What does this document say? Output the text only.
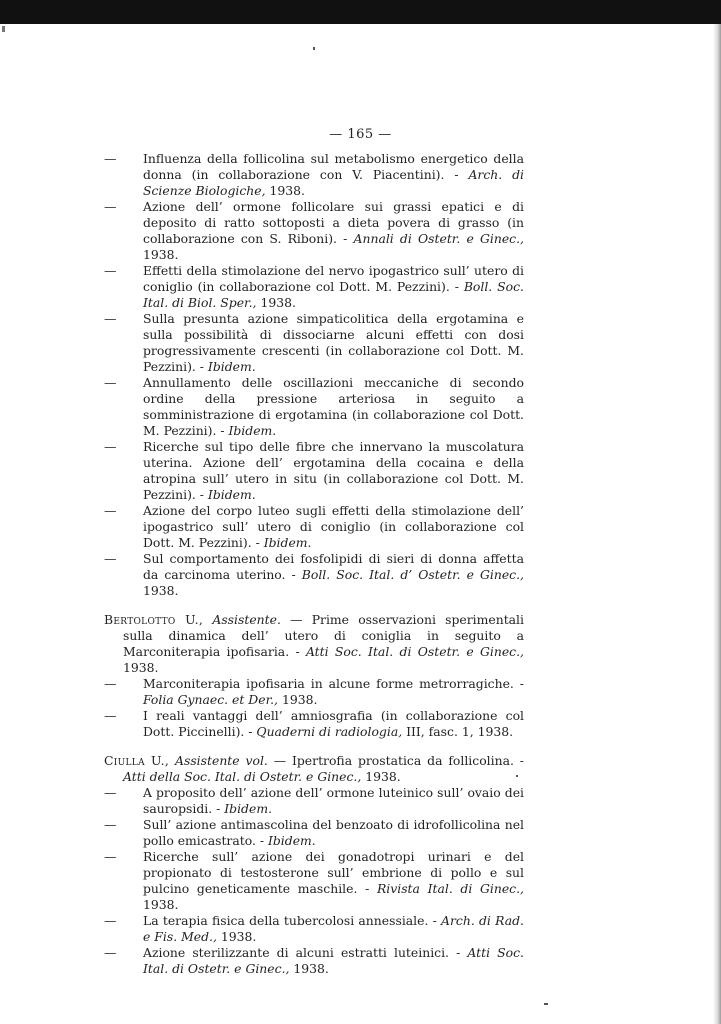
— 165 —
—	Influenza della follicolina sul metabolismo energetico della donna (in collaborazione con V. Piacentini). - Arch. di Scienze Biologiche, 1938.
—	Azione dell’ ormone follicolare sui grassi epatici e di deposito di ratto sottoposti a dieta povera di grasso (in collaborazione con S. Riboni). - Annali di Ostetr. e Ginec., 1938.
—	Effetti della stimolazione del nervo ipogastrico sull’ utero di coniglio (in collaborazione col Dott. M. Pezzini). - Boll. Soc. Ital. di Biol. Sper., 1938.
—	Sulla presunta azione simpaticolitica della ergotamina e sulla possibilità di dissociarne alcuni effetti con dosi progressivamente crescenti (in collaborazione col Dott. M. Pezzini). - Ibidem.
—	Annullamento delle oscillazioni meccaniche di secondo ordine della pressione arteriosa in seguito a somministrazione di ergotamina (in collaborazione col Dott. M. Pezzini). - Ibidem.
—	Ricerche sul tipo delle fibre che innervano la muscolatura uterina. Azione dell’ ergotamina della cocaina e della atropina sull’ utero in situ (in collaborazione col Dott. M. Pezzini). - Ibidem.
—	Azione del corpo luteo sugli effetti della stimolazione dell’ ipogastrico sull’ utero di coniglio (in collaborazione col Dott. M. Pezzini). - Ibidem.
—	Sul comportamento dei fosfolipidi di sieri di donna affetta da carcinoma uterino. - Boll. Soc. Ital. d’ Ostetr. e Ginec., 1938.
Bertolotto U., Assistente. — Prime osservazioni sperimentali sulla dinamica dell’ utero di coniglia in seguito a Marconiterapia ipofisaria. - Atti Soc. Ital. di Ostetr. e Ginec., 1938.
—	Marconiterapia ipofisaria in alcune forme metrorragiche. - Folia Gynaec. et Der., 1938.
—	I reali vantaggi dell’ amniosgrafia (in collaborazione col Dott. Piccinelli). - Quaderni di radiologia, III, fasc. 1, 1938.
Ciulla U., Assistente vol. — Ipertrofia prostatica da follicolina. - Atti della Soc. Ital. di Ostetr. e Ginec., 1938.
—	A proposito dell’ azione dell’ ormone luteinico sull’ ovaio dei sauropsidi. - Ibidem.
—	Sull’ azione antimascolina del benzoato di idrofollicolina nel pollo emicastrato. - Ibidem.
—	Ricerche sull’ azione dei gonadotropi urinari e del propionato di testosterone sull’ embrione di pollo e sul pulcino geneticamente maschile. - Rivista Ital. di Ginec., 1938.
—	La terapia fisica della tubercolosi annessiale. - Arch. di Rad. e Fis. Med., 1938.
—	Azione sterilizzante di alcuni estratti luteinici. - Atti Soc. Ital. di Ostetr. e Ginec., 1938.
